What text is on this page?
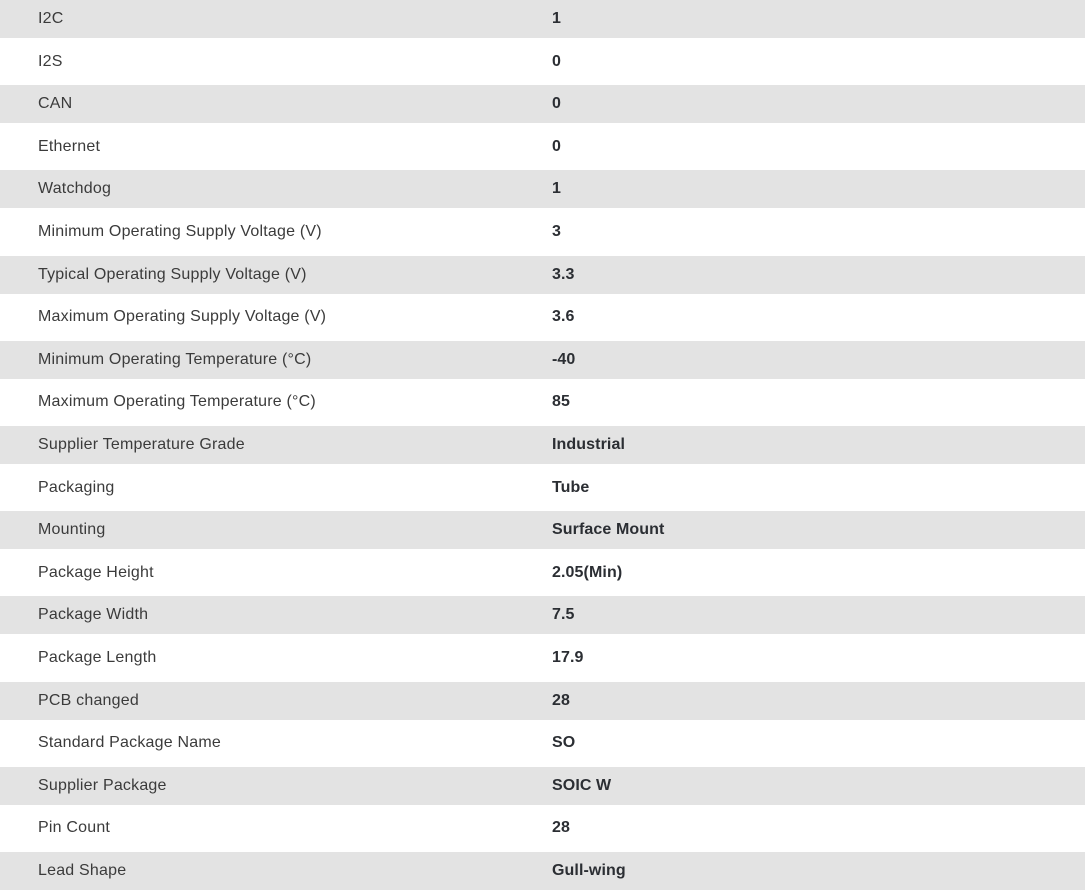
I2C	1
I2S	0
CAN	0
Ethernet	0
Watchdog	1
Minimum Operating Supply Voltage (V)	3
Typical Operating Supply Voltage (V)	3.3
Maximum Operating Supply Voltage (V)	3.6
Minimum Operating Temperature (°C)	-40
Maximum Operating Temperature (°C)	85
Supplier Temperature Grade	Industrial
Packaging	Tube
Mounting	Surface Mount
Package Height	2.05(Min)
Package Width	7.5
Package Length	17.9
PCB changed	28
Standard Package Name	SO
Supplier Package	SOIC W
Pin Count	28
Lead Shape	Gull-wing
